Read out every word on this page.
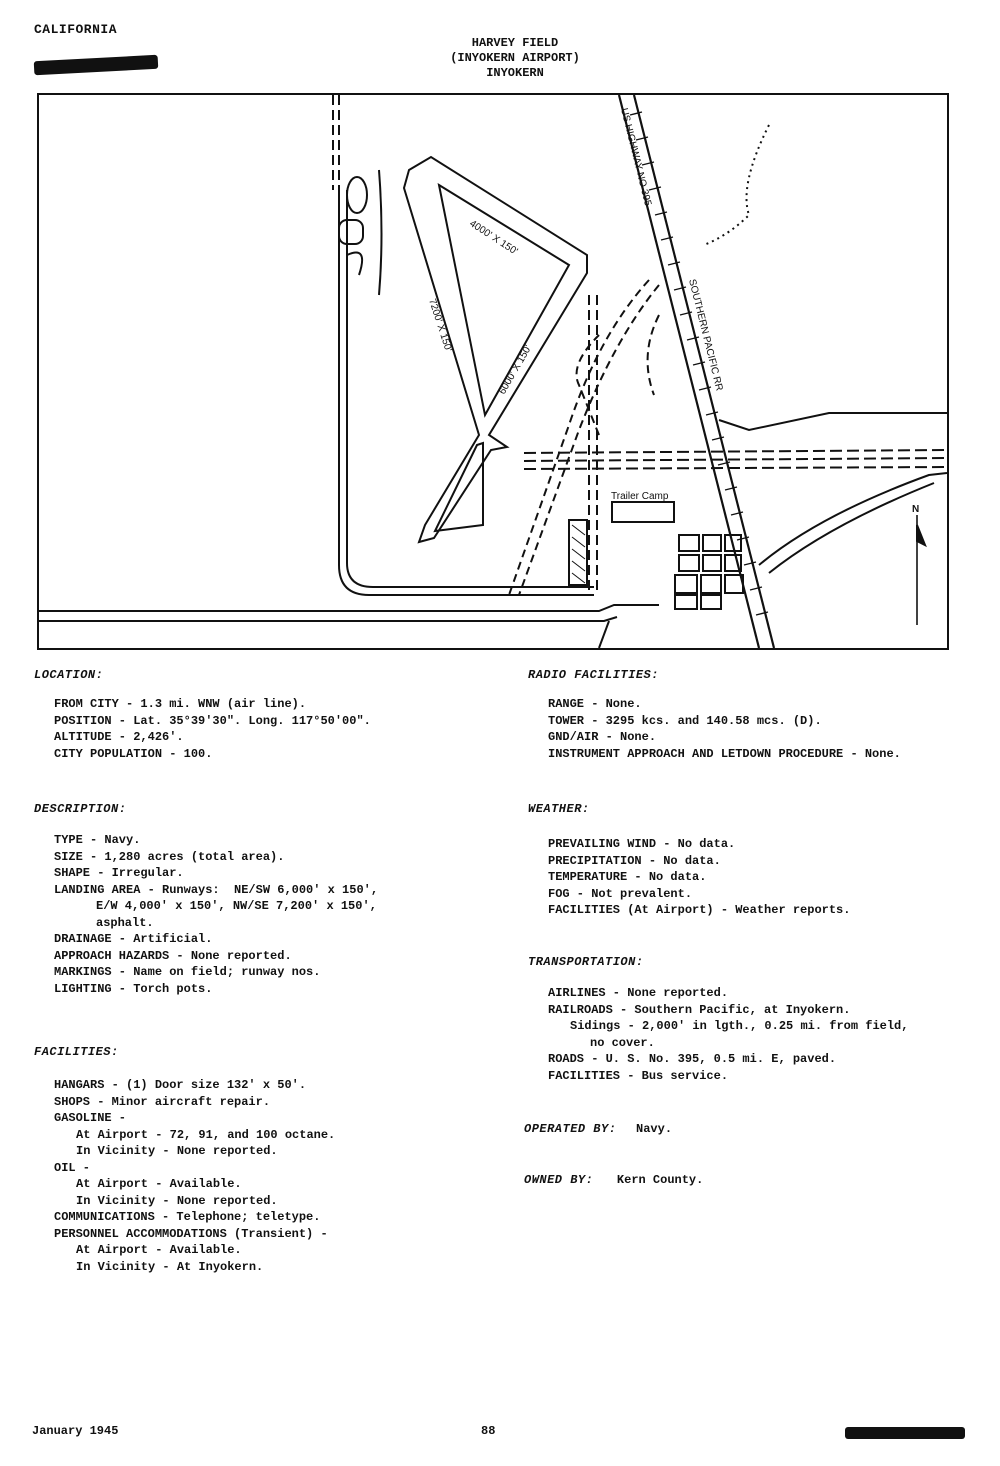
CALIFORNIA
HARVEY FIELD
(INYOKERN AIRPORT)
INYOKERN
4000' X 150'
7200' X 150'
6000' X 150'
US HIGHWAY NO 395
SOUTHERN PACIFIC RR
Trailer Camp
N
LOCATION:
FROM CITY - 1.3 mi. WNW (air line).
POSITION - Lat. 35°39'30". Long. 117°50'00".
ALTITUDE - 2,426'.
CITY POPULATION - 100.
DESCRIPTION:
TYPE - Navy.
SIZE - 1,280 acres (total area).
SHAPE - Irregular.
LANDING AREA - Runways:  NE/SW 6,000' x 150',
E/W 4,000' x 150', NW/SE 7,200' x 150',
asphalt.
DRAINAGE - Artificial.
APPROACH HAZARDS - None reported.
MARKINGS - Name on field; runway nos.
LIGHTING - Torch pots.
FACILITIES:
HANGARS - (1) Door size 132' x 50'.
SHOPS - Minor aircraft repair.
GASOLINE -
At Airport - 72, 91, and 100 octane.
In Vicinity - None reported.
OIL -
At Airport - Available.
In Vicinity - None reported.
COMMUNICATIONS - Telephone; teletype.
PERSONNEL ACCOMMODATIONS (Transient) -
At Airport - Available.
In Vicinity - At Inyokern.
RADIO FACILITIES:
RANGE - None.
TOWER - 3295 kcs. and 140.58 mcs. (D).
GND/AIR - None.
INSTRUMENT APPROACH AND LETDOWN PROCEDURE - None.
WEATHER:
PREVAILING WIND - No data.
PRECIPITATION - No data.
TEMPERATURE - No data.
FOG - Not prevalent.
FACILITIES (At Airport) - Weather reports.
TRANSPORTATION:
AIRLINES - None reported.
RAILROADS - Southern Pacific, at Inyokern.
Sidings - 2,000' in lgth., 0.25 mi. from field,
no cover.
ROADS - U. S. No. 395, 0.5 mi. E, paved.
FACILITIES - Bus service.
OPERATED BY: Navy.
OWNED BY: Kern County.
January 1945	88
